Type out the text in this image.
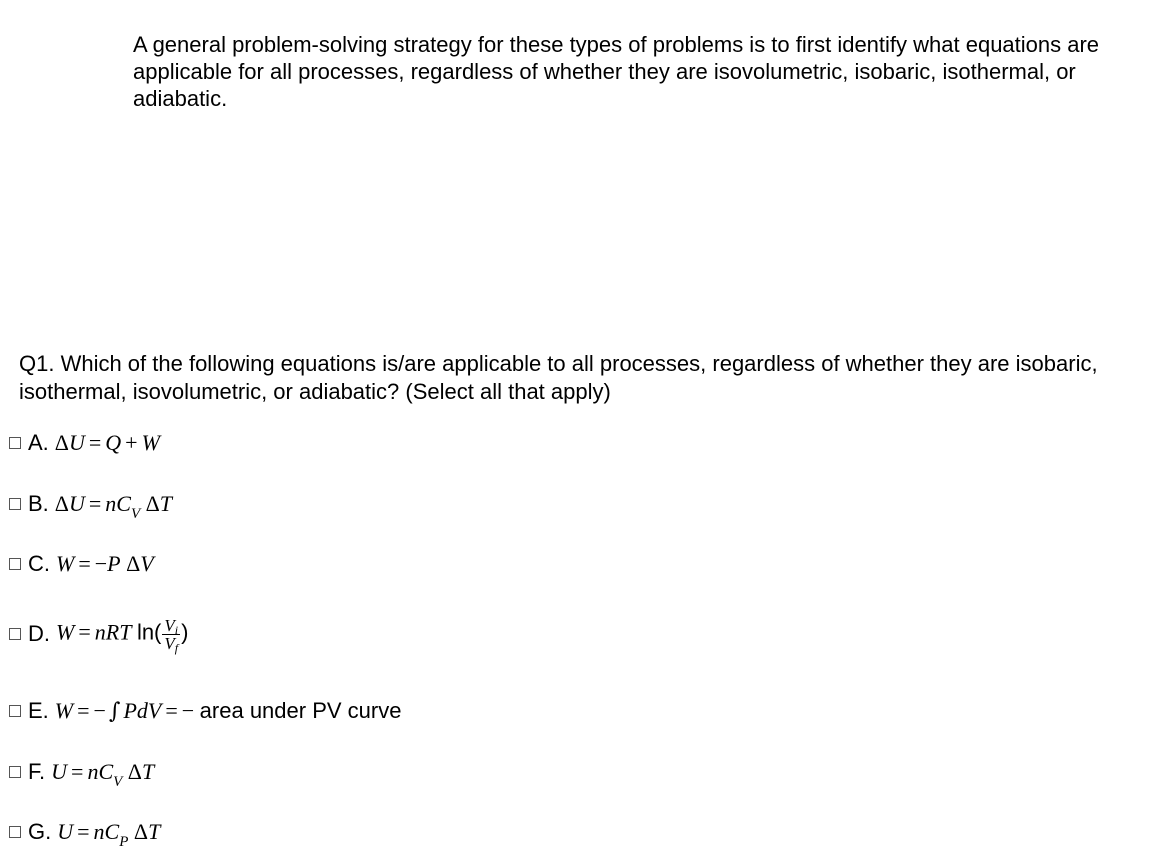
A general problem-solving strategy for these types of problems is to first identify what equations are applicable for all processes, regardless of whether they are isovolumetric, isobaric, isothermal, or adiabatic.

Q1. Which of the following equations is/are applicable to all processes, regardless of whether they are isobaric, isothermal, isovolumetric, or adiabatic? (Select all that apply)

A. ΔU = Q + W
B. $\Delta U = nC_V$ ΔT
C. W = −P ΔV
D. W = nRT $\ln( \frac{V_i}{V_f}$ )
E. W = − ∫ PdV = − area under PV curve
F. $U = nC_V$ ΔT
G. $U = nC_P$ ΔT
